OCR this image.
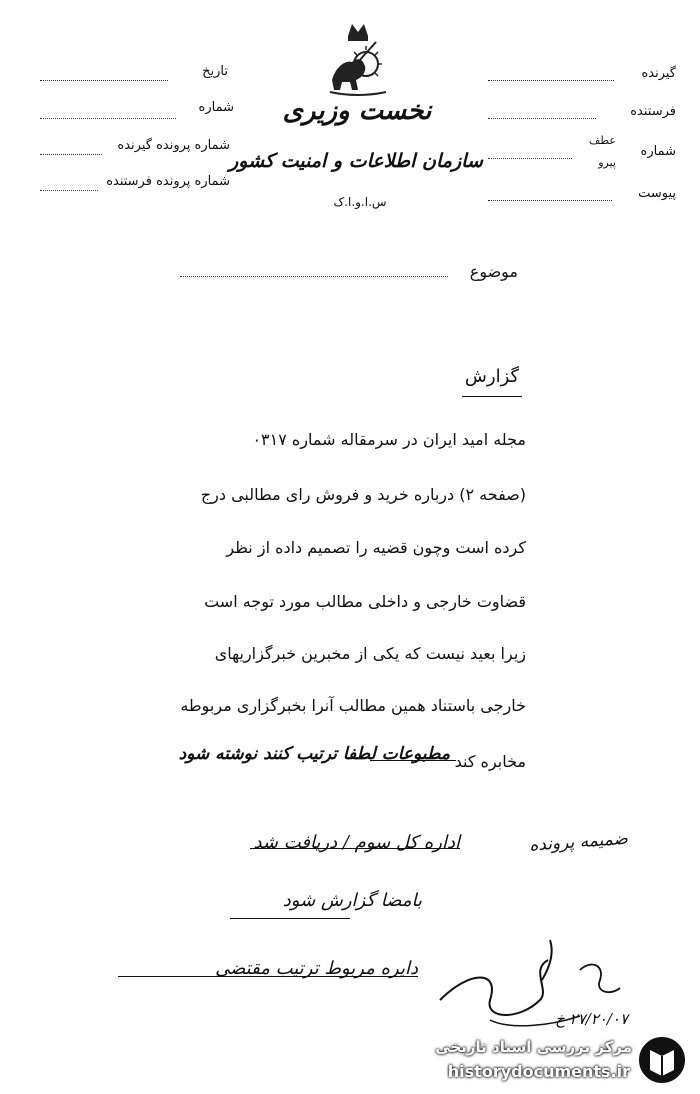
نخست وزیری
سازمان اطلاعات و امنیت کشور
س.ا.و.ا.ک
تاریخ
شماره
شماره پرونده گیرنده
شماره پرونده فرستنده
گیرنده
فرستنده
عطف
شماره
پیرو
پیوست
موضوع
گزارش
مجله امید ایران در سرمقاله شماره ۰۳۱۷
(صفحه ۲) درباره خرید و فروش رای مطالبی درج
کرده است وچون قضیه را تصمیم داده از نظر
قضاوت خارجی و داخلی مطالب مورد توجه است
زیرا بعید نیست که یکی از مخبرین خبرگزاریهای
خارجی باستناد همین مطالب آنرا بخبرگزاری مربوطه
مخابره کند
مطبوعات لطفا ترتیب کنند نوشته شود
اداره کل سوم / دریافت شد
بامضا گزارش شود
ضمیمه پرونده
دایره مربوط ترتیب مقتضی
۲۷/۲۰/۰۷ خ
مرکز بررسی اسناد تاریخی
historydocuments.ir
